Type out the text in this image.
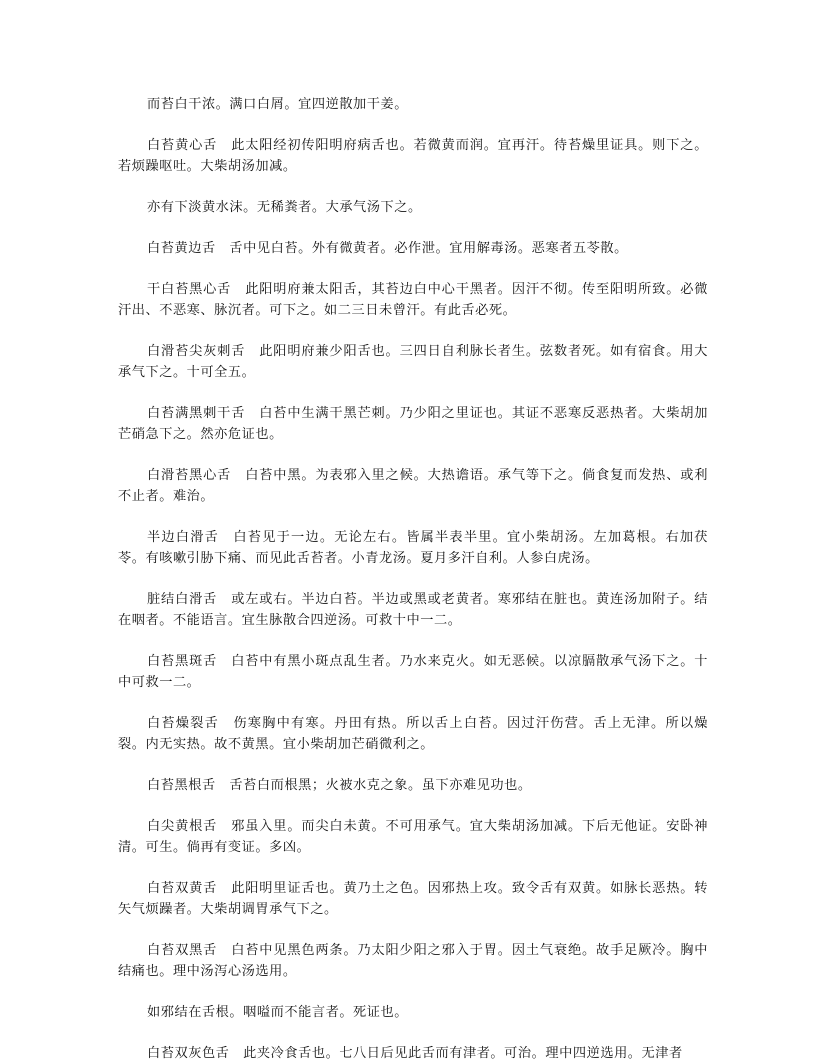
而苔白干浓。满口白屑。宜四逆散加干姜。

白苔黄心舌　此太阳经初传阳明府病舌也。若微黄而润。宜再汗。待苔燥里证具。则下之。若烦躁呕吐。大柴胡汤加减。

亦有下淡黄水沫。无稀粪者。大承气汤下之。

白苔黄边舌　舌中见白苔。外有微黄者。必作泄。宜用解毒汤。恶寒者五苓散。

干白苔黑心舌　此阳明府兼太阳舌，其苔边白中心干黑者。因汗不彻。传至阳明所致。必微汗出、不恶寒、脉沉者。可下之。如二三日未曾汗。有此舌必死。

白滑苔尖灰刺舌　此阳明府兼少阳舌也。三四日自利脉长者生。弦数者死。如有宿食。用大承气下之。十可全五。

白苔满黑刺干舌　白苔中生满干黑芒刺。乃少阳之里证也。其证不恶寒反恶热者。大柴胡加芒硝急下之。然亦危证也。

白滑苔黑心舌　白苔中黑。为表邪入里之候。大热谵语。承气等下之。倘食复而发热、或利不止者。难治。

半边白滑舌　白苔见于一边。无论左右。皆属半表半里。宜小柴胡汤。左加葛根。右加茯苓。有咳嗽引胁下痛、而见此舌苔者。小青龙汤。夏月多汗自利。人参白虎汤。

脏结白滑舌　或左或右。半边白苔。半边或黑或老黄者。寒邪结在脏也。黄连汤加附子。结在咽者。不能语言。宜生脉散合四逆汤。可救十中一二。

白苔黑斑舌　白苔中有黑小斑点乱生者。乃水来克火。如无恶候。以凉膈散承气汤下之。十中可救一二。

白苔燥裂舌　伤寒胸中有寒。丹田有热。所以舌上白苔。因过汗伤营。舌上无津。所以燥裂。内无实热。故不黄黑。宜小柴胡加芒硝微利之。

白苔黑根舌　舌苔白而根黑；火被水克之象。虽下亦难见功也。

白尖黄根舌　邪虽入里。而尖白未黄。不可用承气。宜大柴胡汤加减。下后无他证。安卧神清。可生。倘再有变证。多凶。

白苔双黄舌　此阳明里证舌也。黄乃土之色。因邪热上攻。致令舌有双黄。如脉长恶热。转矢气烦躁者。大柴胡调胃承气下之。

白苔双黑舌　白苔中见黑色两条。乃太阳少阳之邪入于胃。因土气衰绝。故手足厥冷。胸中结痛也。理中汤泻心汤选用。

如邪结在舌根。咽嗌而不能言者。死证也。

白苔双灰色舌　此夹冷食舌也。七八日后见此舌而有津者。可治。理中四逆选用。无津者
